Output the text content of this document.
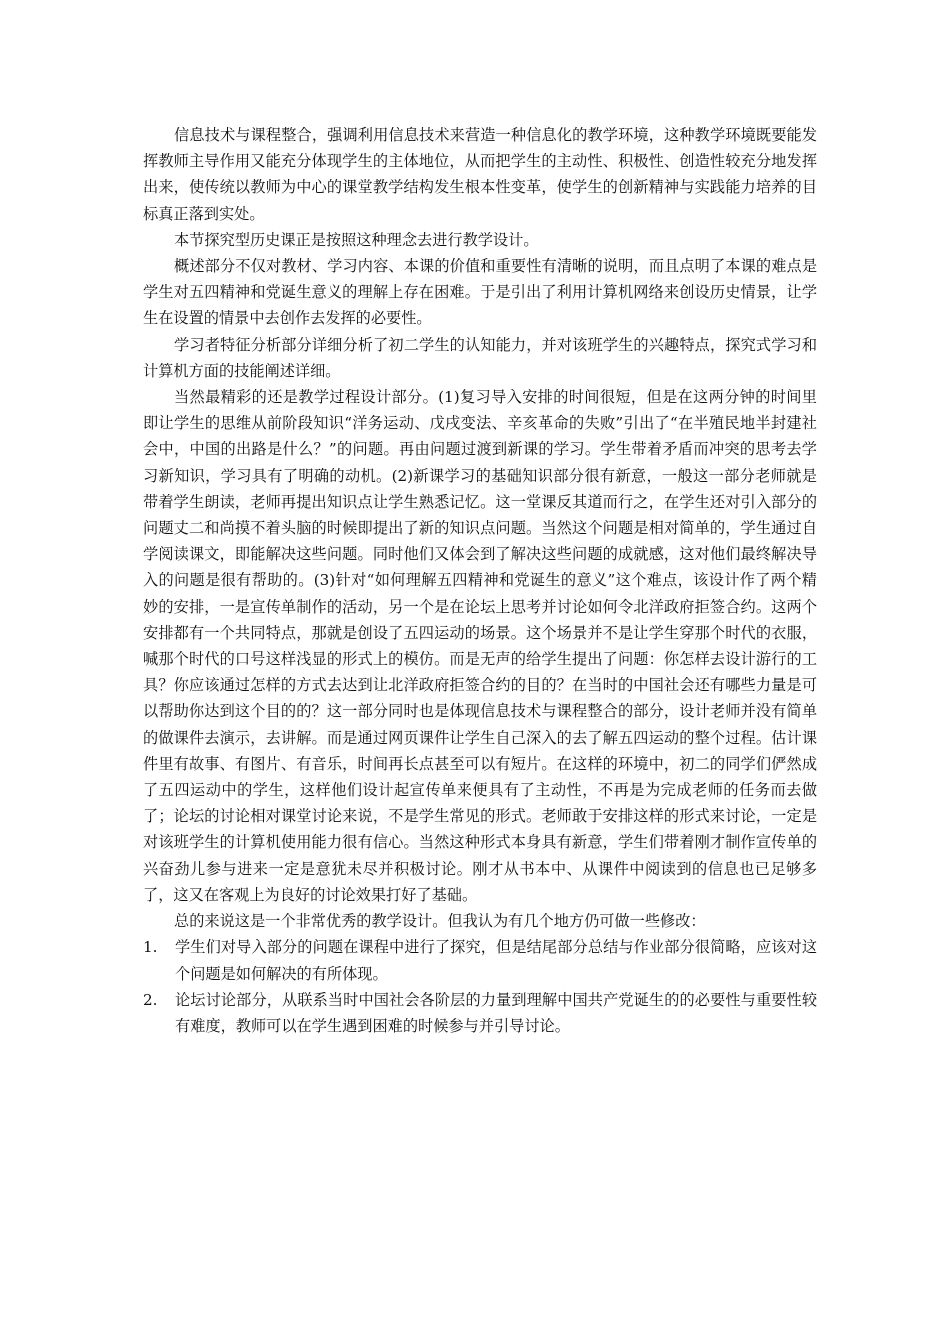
信息技术与课程整合，强调利用信息技术来营造一种信息化的教学环境，这种教学环境既要能发挥教师主导作用又能充分体现学生的主体地位，从而把学生的主动性、积极性、创造性较充分地发挥出来，使传统以教师为中心的课堂教学结构发生根本性变革，使学生的创新精神与实践能力培养的目标真正落到实处。

本节探究型历史课正是按照这种理念去进行教学设计。

概述部分不仅对教材、学习内容、本课的价值和重要性有清晰的说明，而且点明了本课的难点是学生对五四精神和党诞生意义的理解上存在困难。于是引出了利用计算机网络来创设历史情景，让学生在设置的情景中去创作去发挥的必要性。

学习者特征分析部分详细分析了初二学生的认知能力，并对该班学生的兴趣特点，探究式学习和计算机方面的技能阐述详细。

当然最精彩的还是教学过程设计部分。(1)复习导入安排的时间很短，但是在这两分钟的时间里即让学生的思维从前阶段知识“洋务运动、戊戌变法、辛亥革命的失败”引出了“在半殖民地半封建社会中，中国的出路是什么？”的问题。再由问题过渡到新课的学习。学生带着矛盾而冲突的思考去学习新知识，学习具有了明确的动机。(2)新课学习的基础知识部分很有新意，一般这一部分老师就是带着学生朗读，老师再提出知识点让学生熟悉记忆。这一堂课反其道而行之，在学生还对引入部分的问题丈二和尚摸不着头脑的时候即提出了新的知识点问题。当然这个问题是相对简单的，学生通过自学阅读课文，即能解决这些问题。同时他们又体会到了解决这些问题的成就感，这对他们最终解决导入的问题是很有帮助的。(3)针对“如何理解五四精神和党诞生的意义”这个难点，该设计作了两个精妙的安排，一是宣传单制作的活动，另一个是在论坛上思考并讨论如何令北洋政府拒签合约。这两个安排都有一个共同特点，那就是创设了五四运动的场景。这个场景并不是让学生穿那个时代的衣服，喊那个时代的口号这样浅显的形式上的模仿。而是无声的给学生提出了问题：你怎样去设计游行的工具？你应该通过怎样的方式去达到让北洋政府拒签合约的目的？在当时的中国社会还有哪些力量是可以帮助你达到这个目的的？这一部分同时也是体现信息技术与课程整合的部分，设计老师并没有简单的做课件去演示，去讲解。而是通过网页课件让学生自己深入的去了解五四运动的整个过程。估计课件里有故事、有图片、有音乐，时间再长点甚至可以有短片。在这样的环境中，初二的同学们俨然成了五四运动中的学生，这样他们设计起宣传单来便具有了主动性，不再是为完成老师的任务而去做了；论坛的讨论相对课堂讨论来说，不是学生常见的形式。老师敢于安排这样的形式来讨论，一定是对该班学生的计算机使用能力很有信心。当然这种形式本身具有新意，学生们带着刚才制作宣传单的兴奋劲儿参与进来一定是意犹未尽并积极讨论。刚才从书本中、从课件中阅读到的信息也已足够多了，这又在客观上为良好的讨论效果打好了基础。

总的来说这是一个非常优秀的教学设计。但我认为有几个地方仍可做一些修改：

1. 学生们对导入部分的问题在课程中进行了探究，但是结尾部分总结与作业部分很简略，应该对这个问题是如何解决的有所体现。
2. 论坛讨论部分，从联系当时中国社会各阶层的力量到理解中国共产党诞生的的必要性与重要性较有难度，教师可以在学生遇到困难的时候参与并引导讨论。
